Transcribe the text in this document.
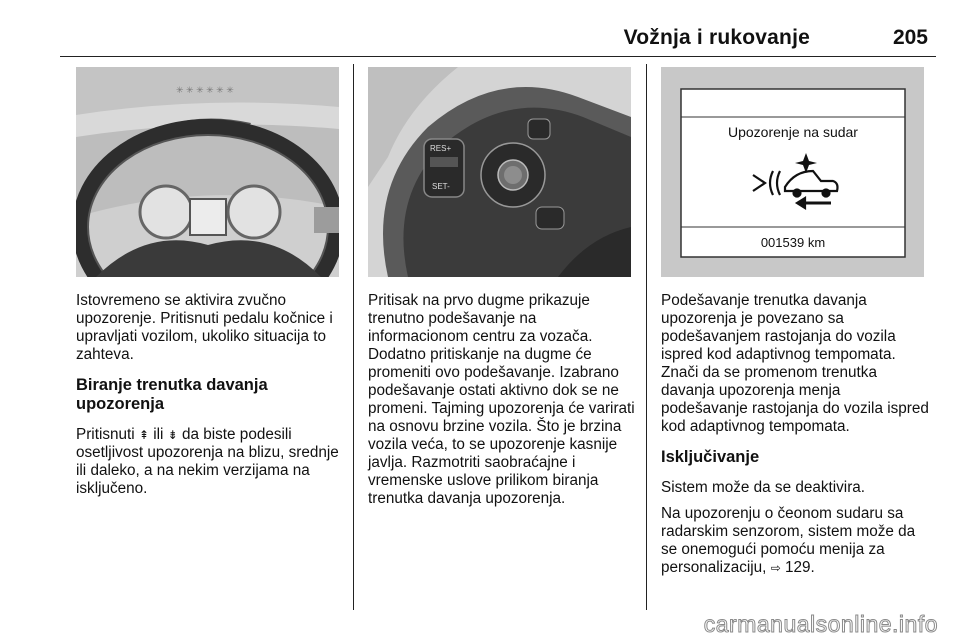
Vožnja i rukovanje	205
✳ ✳ ✳ ✳ ✳ ✳
RES+
SET-
Upozorenje na sudar
001539 km

Istovremeno se aktivira zvučno upozorenje. Pritisnuti pedalu kočnice i upravljati vozilom, ukoliko situacija to zahteva.

Biranje trenutka davanja upozorenja

Pritisnuti ⇞ ili ⇟ da biste podesili osetljivost upozorenja na blizu, srednje ili daleko, a na nekim verzijama na isključeno.

Pritisak na prvo dugme prikazuje trenutno podešavanje na informacionom centru za vozača. Dodatno pritiskanje na dugme će promeniti ovo podešavanje. Izabrano podešavanje ostati aktivno dok se ne promeni. Tajming upozorenja će varirati na osnovu brzine vozila. Što je brzina vozila veća, to se upozorenje kasnije javlja. Razmotriti saobraćajne i vremenske uslove prilikom biranja trenutka davanja upozorenja.

Podešavanje trenutka davanja upozorenja je povezano sa podešavanjem rastojanja do vozila ispred kod adaptivnog tempomata. Znači da se promenom trenutka davanja upozorenja menja podešavanje rastojanja do vozila ispred kod adaptivnog tempomata.

Isključivanje

Sistem može da se deaktivira.

Na upozorenju o čeonom sudaru sa radarskim senzorom, sistem može da se onemogući pomoću menija za personalizaciju, ⇨ 129.

carmanualsonline.info
